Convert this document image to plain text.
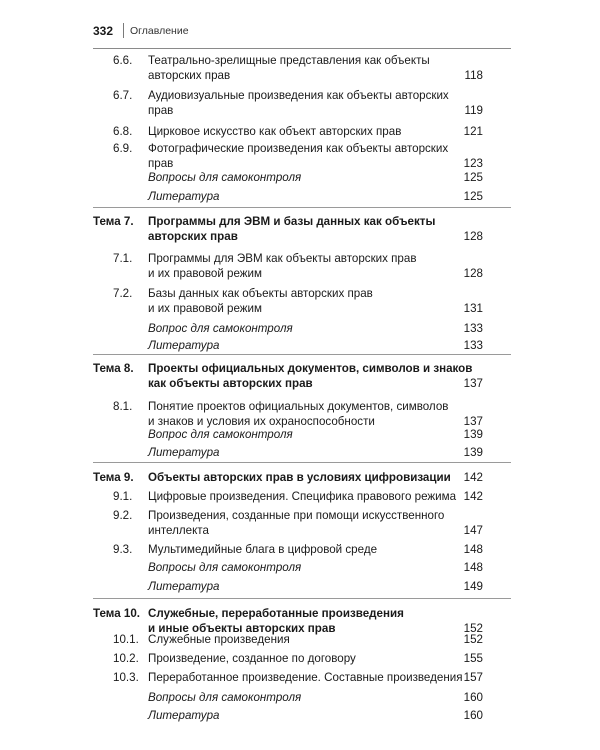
332 Оглавление
6.6. Театрально-зрелищные представления как объекты
авторских прав	118
6.7. Аудиовизуальные произведения как объекты авторских
прав	119
6.8. Цирковое искусство как объект авторских прав	121
6.9. Фотографические произведения как объекты авторских
прав	123
Вопросы для самоконтроля	125
Литература	125
Тема 7. Программы для ЭВМ и базы данных как объекты
авторских прав	128
7.1. Программы для ЭВМ как объекты авторских прав
и их правовой режим	128
7.2. Базы данных как объекты авторских прав
и их правовой режим	131
Вопрос для самоконтроля	133
Литература	133
Тема 8. Проекты официальных документов, символов и знаков
как объекты авторских прав	137
8.1. Понятие проектов официальных документов, символов
и знаков и условия их охраноспособности	137
Вопрос для самоконтроля	139
Литература	139
Тема 9. Объекты авторских прав в условиях цифровизации	142
9.1. Цифровые произведения. Специфика правового режима 142
9.2. Произведения, созданные при помощи искусственного
интеллекта	147
9.3. Мультимедийные блага в цифровой среде	148
Вопросы для самоконтроля	148
Литература	149
Тема 10. Служебные, переработанные произведения
и иные объекты авторских прав	152
10.1. Служебные произведения	152
10.2. Произведение, созданное по договору	155
10.3. Переработанное произведение. Составные произведения 157
Вопросы для самоконтроля	160
Литература	160
